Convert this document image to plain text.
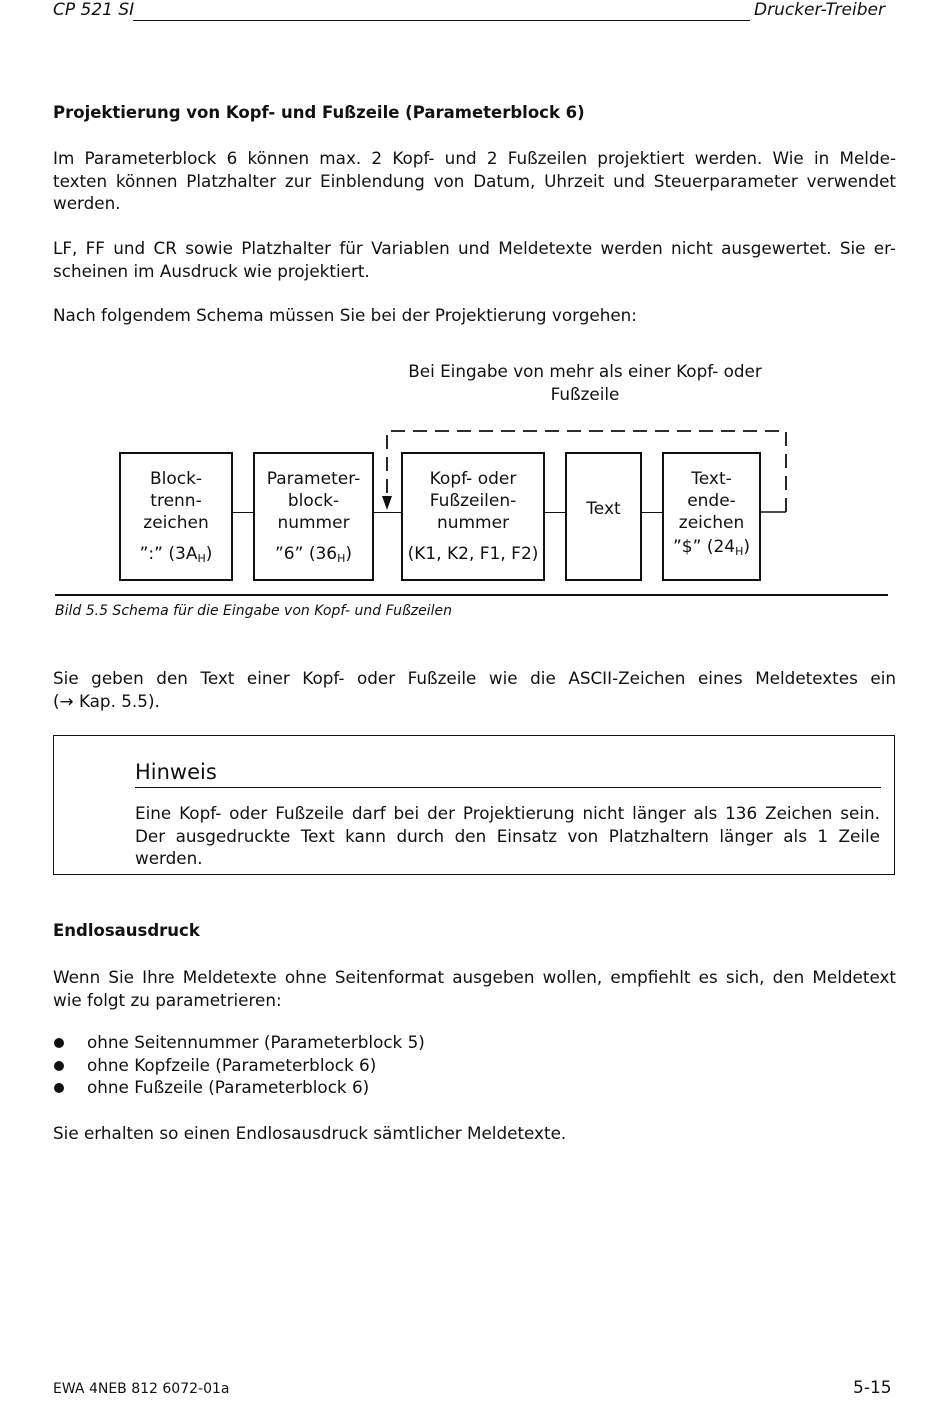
CP 521 SI	Drucker-Treiber
Projektierung von Kopf- und Fußzeile (Parameterblock 6)
Im Parameterblock 6 können max. 2 Kopf- und 2 Fußzeilen projektiert werden. Wie in Melde-
texten können Platzhalter zur Einblendung von Datum, Uhrzeit und Steuerparameter verwendet
werden.
LF, FF und CR sowie Platzhalter für Variablen und Meldetexte werden nicht ausgewertet. Sie er-
scheinen im Ausdruck wie projektiert.
Nach folgendem Schema müssen Sie bei der Projektierung vorgehen:
Bei Eingabe von mehr als einer Kopf- oder
Fußzeile
Block-
trenn-
zeichen
”:” $(3A_H)$
Parameter-
block-
nummer
”6” $(36_H)$
Kopf- oder
Fußzeilen-
nummer
(K1, K2, F1, F2)
Text
Text-
ende-
zeichen
”$” $(24_H)$
Bild 5.5 Schema für die Eingabe von Kopf- und Fußzeilen
Sie geben den Text einer Kopf- oder Fußzeile wie die ASCII-Zeichen eines Meldetextes ein
(→ Kap. 5.5).
Hinweis
Eine Kopf- oder Fußzeile darf bei der Projektierung nicht länger als 136 Zeichen sein.
Der ausgedruckte Text kann durch den Einsatz von Platzhaltern länger als 1 Zeile
werden.
Endlosausdruck
Wenn Sie Ihre Meldetexte ohne Seitenformat ausgeben wollen, empfiehlt es sich, den Meldetext
wie folgt zu parametrieren:
ohne Seitennummer (Parameterblock 5)
ohne Kopfzeile (Parameterblock 6)
ohne Fußzeile (Parameterblock 6)
Sie erhalten so einen Endlosausdruck sämtlicher Meldetexte.
EWA 4NEB 812 6072-01a	5-15
